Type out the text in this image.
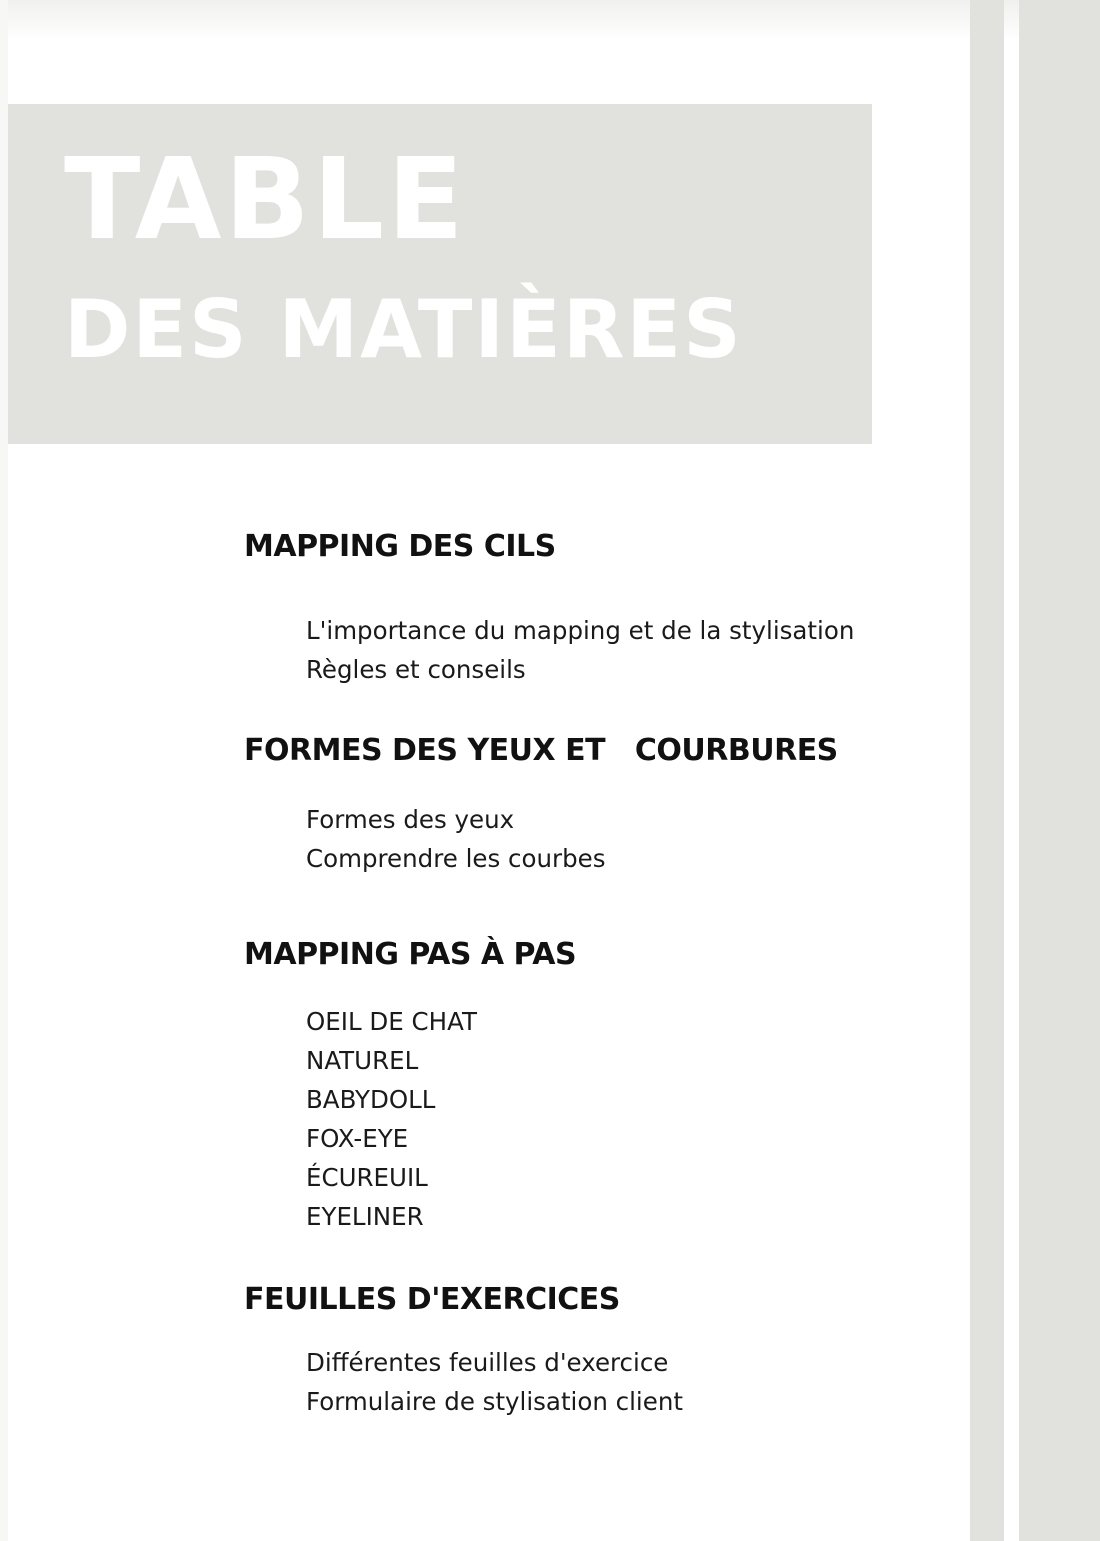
TABLE
DES MATIÈRES
MAPPING DES CILS
L'importance du mapping et de la stylisation
Règles et conseils
FORMES DES YEUX ET   COURBURES
Formes des yeux
Comprendre les courbes
MAPPING PAS À PAS
OEIL DE CHAT
NATUREL
BABYDOLL
FOX-EYE
ÉCUREUIL
EYELINER
FEUILLES D'EXERCICES
Différentes feuilles d'exercice
Formulaire de stylisation client
